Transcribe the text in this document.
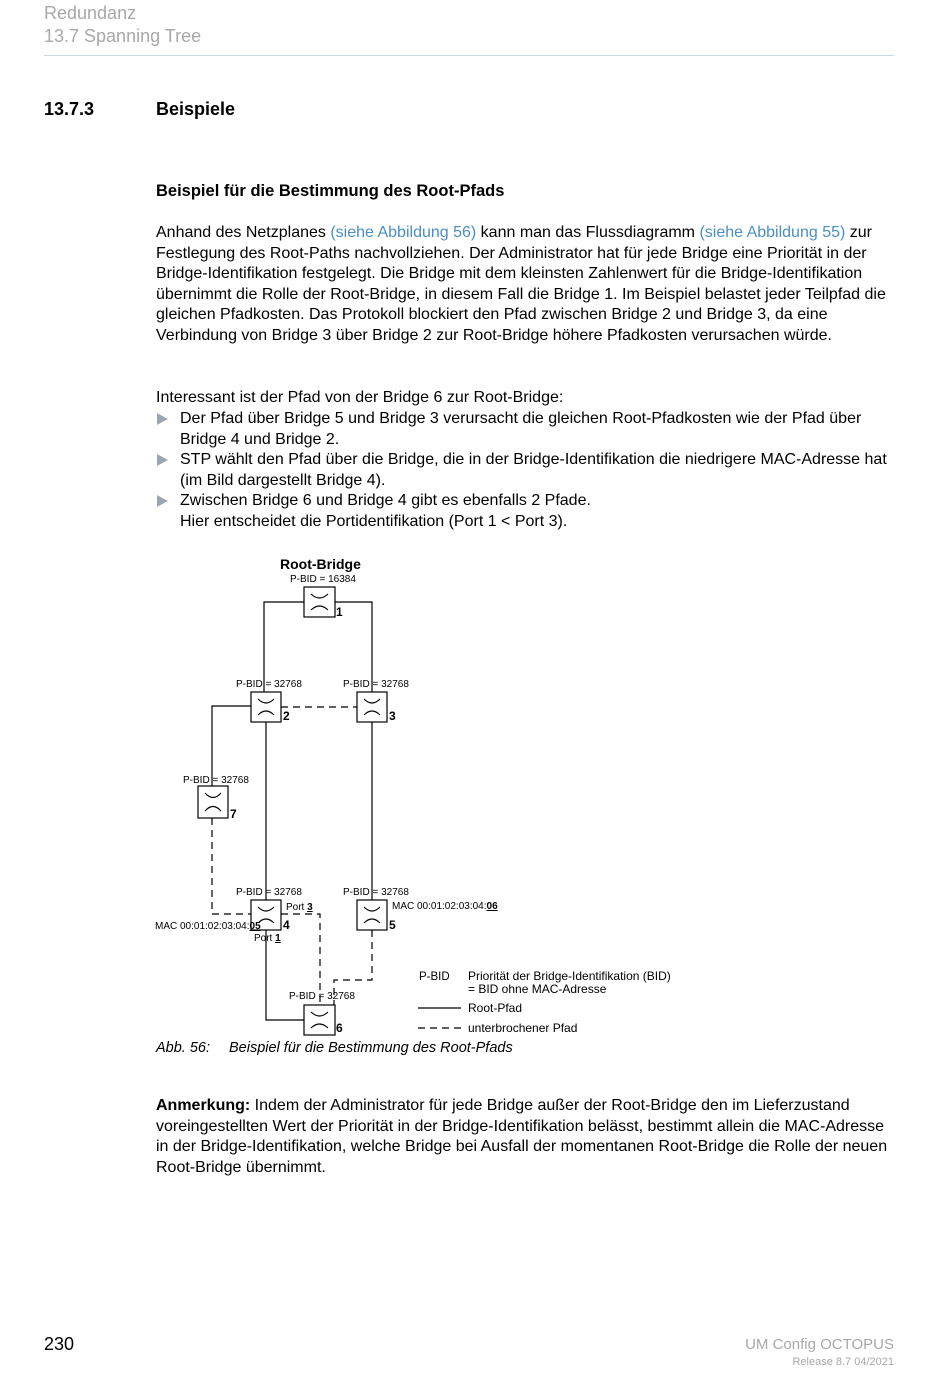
Redundanz
13.7 Spanning Tree
13.7.3	Beispiele
Beispiel für die Bestimmung des Root-Pfads
Anhand des Netzplanes (siehe Abbildung 56) kann man das Flussdiagramm (siehe Abbildung 55) zur Festlegung des Root-Paths nachvollziehen. Der Administrator hat für jede Bridge eine Priorität in der Bridge-Identifikation festgelegt. Die Bridge mit dem kleinsten Zahlenwert für die Bridge-Identifikation übernimmt die Rolle der Root-Bridge, in diesem Fall die Bridge 1. Im Beispiel belastet jeder Teilpfad die gleichen Pfadkosten. Das Protokoll blockiert den Pfad zwischen Bridge 2 und Bridge 3, da eine Verbindung von Bridge 3 über Bridge 2 zur Root-Bridge höhere Pfadkosten verursachen würde.
Interessant ist der Pfad von der Bridge 6 zur Root-Bridge:
Der Pfad über Bridge 5 und Bridge 3 verursacht die gleichen Root-Pfadkosten wie der Pfad über Bridge 4 und Bridge 2.
STP wählt den Pfad über die Bridge, die in der Bridge-Identifikation die niedrigere MAC-Adresse hat (im Bild dargestellt Bridge 4).
Zwischen Bridge 6 und Bridge 4 gibt es ebenfalls 2 Pfade.
Hier entscheidet die Portidentifikation (Port 1 < Port 3).
Root-Bridge
P-BID = 16384
1
2	3
7
4	5
6
P-BID = 32768	P-BID = 32768
P-BID = 32768
P-BID = 32768	P-BID = 32768
P-BID = 32768
Port 3
Port 1
MAC 00:01:02:03:04:05
MAC 00:01:02:03:04:06
P-BID Priorität der Bridge-Identifikation (BID)
= BID ohne MAC-Adresse
Root-Pfad
unterbrochener Pfad
Abb. 56: Beispiel für die Bestimmung des Root-Pfads
Anmerkung: Indem der Administrator für jede Bridge außer der Root-Bridge den im Lieferzustand voreingestellten Wert der Priorität in der Bridge-Identifikation belässt, bestimmt allein die MAC-Adresse in der Bridge-Identifikation, welche Bridge bei Ausfall der momentanen Root-Bridge die Rolle der neuen Root-Bridge übernimmt.
230	UM Config OCTOPUS
Release 8.7 04/2021
